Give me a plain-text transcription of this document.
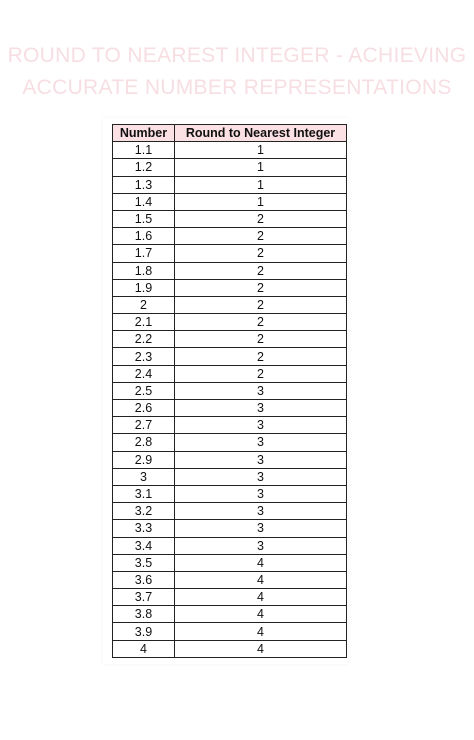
ROUND TO NEAREST INTEGER - ACHIEVING
ACCURATE NUMBER REPRESENTATIONS
Number	Round to Nearest Integer
1.1	1
1.2	1
1.3	1
1.4	1
1.5	2
1.6	2
1.7	2
1.8	2
1.9	2
2	2
2.1	2
2.2	2
2.3	2
2.4	2
2.5	3
2.6	3
2.7	3
2.8	3
2.9	3
3	3
3.1	3
3.2	3
3.3	3
3.4	3
3.5	4
3.6	4
3.7	4
3.8	4
3.9	4
4	4
